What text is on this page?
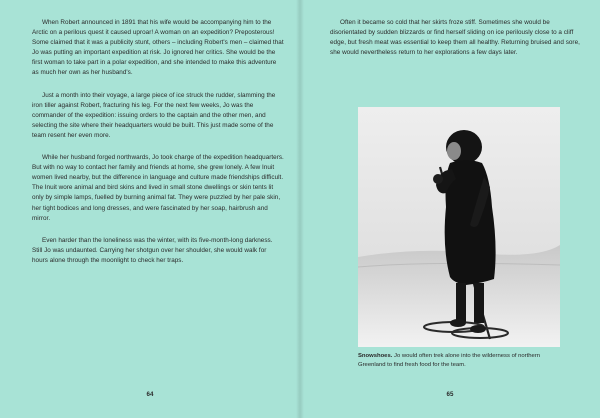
When Robert announced in 1891 that his wife would be accompanying him to the Arctic on a perilous quest it caused uproar! A woman on an expedition? Preposterous! Some claimed that it was a publicity stunt, others – including Robert's men – claimed that Jo was putting an important expedition at risk. Jo ignored her critics. She would be the first woman to take part in a polar expedition, and she intended to make this adventure as much her own as her husband's.

Just a month into their voyage, a large piece of ice struck the rudder, slamming the iron tiller against Robert, fracturing his leg. For the next few weeks, Jo was the commander of the expedition: issuing orders to the captain and the other men, and selecting the site where their headquarters would be built. This just made some of the team resent her even more.

While her husband forged northwards, Jo took charge of the expedition headquarters. But with no way to contact her family and friends at home, she grew lonely. A few Inuit women lived nearby, but the difference in language and culture made friendships difficult. The Inuit wore animal and bird skins and lived in small stone dwellings or skin tents lit only by simple lamps, fuelled by burning animal fat. They were puzzled by her pale skin, her tight bodices and long dresses, and were fascinated by her soap, hairbrush and mirror.

Even harder than the loneliness was the winter, with its five-month-long darkness. Still Jo was undaunted. Carrying her shotgun over her shoulder, she would walk for hours alone through the moonlight to check her traps.

64

Often it became so cold that her skirts froze stiff. Sometimes she would be disorientated by sudden blizzards or find herself sliding on ice perilously close to a cliff edge, but fresh meat was essential to keep them all healthy. Returning bruised and sore, she would nevertheless return to her explorations a few days later.

Snowshoes. Jo would often trek alone into the wilderness of northern Greenland to find fresh food for the team.

65
